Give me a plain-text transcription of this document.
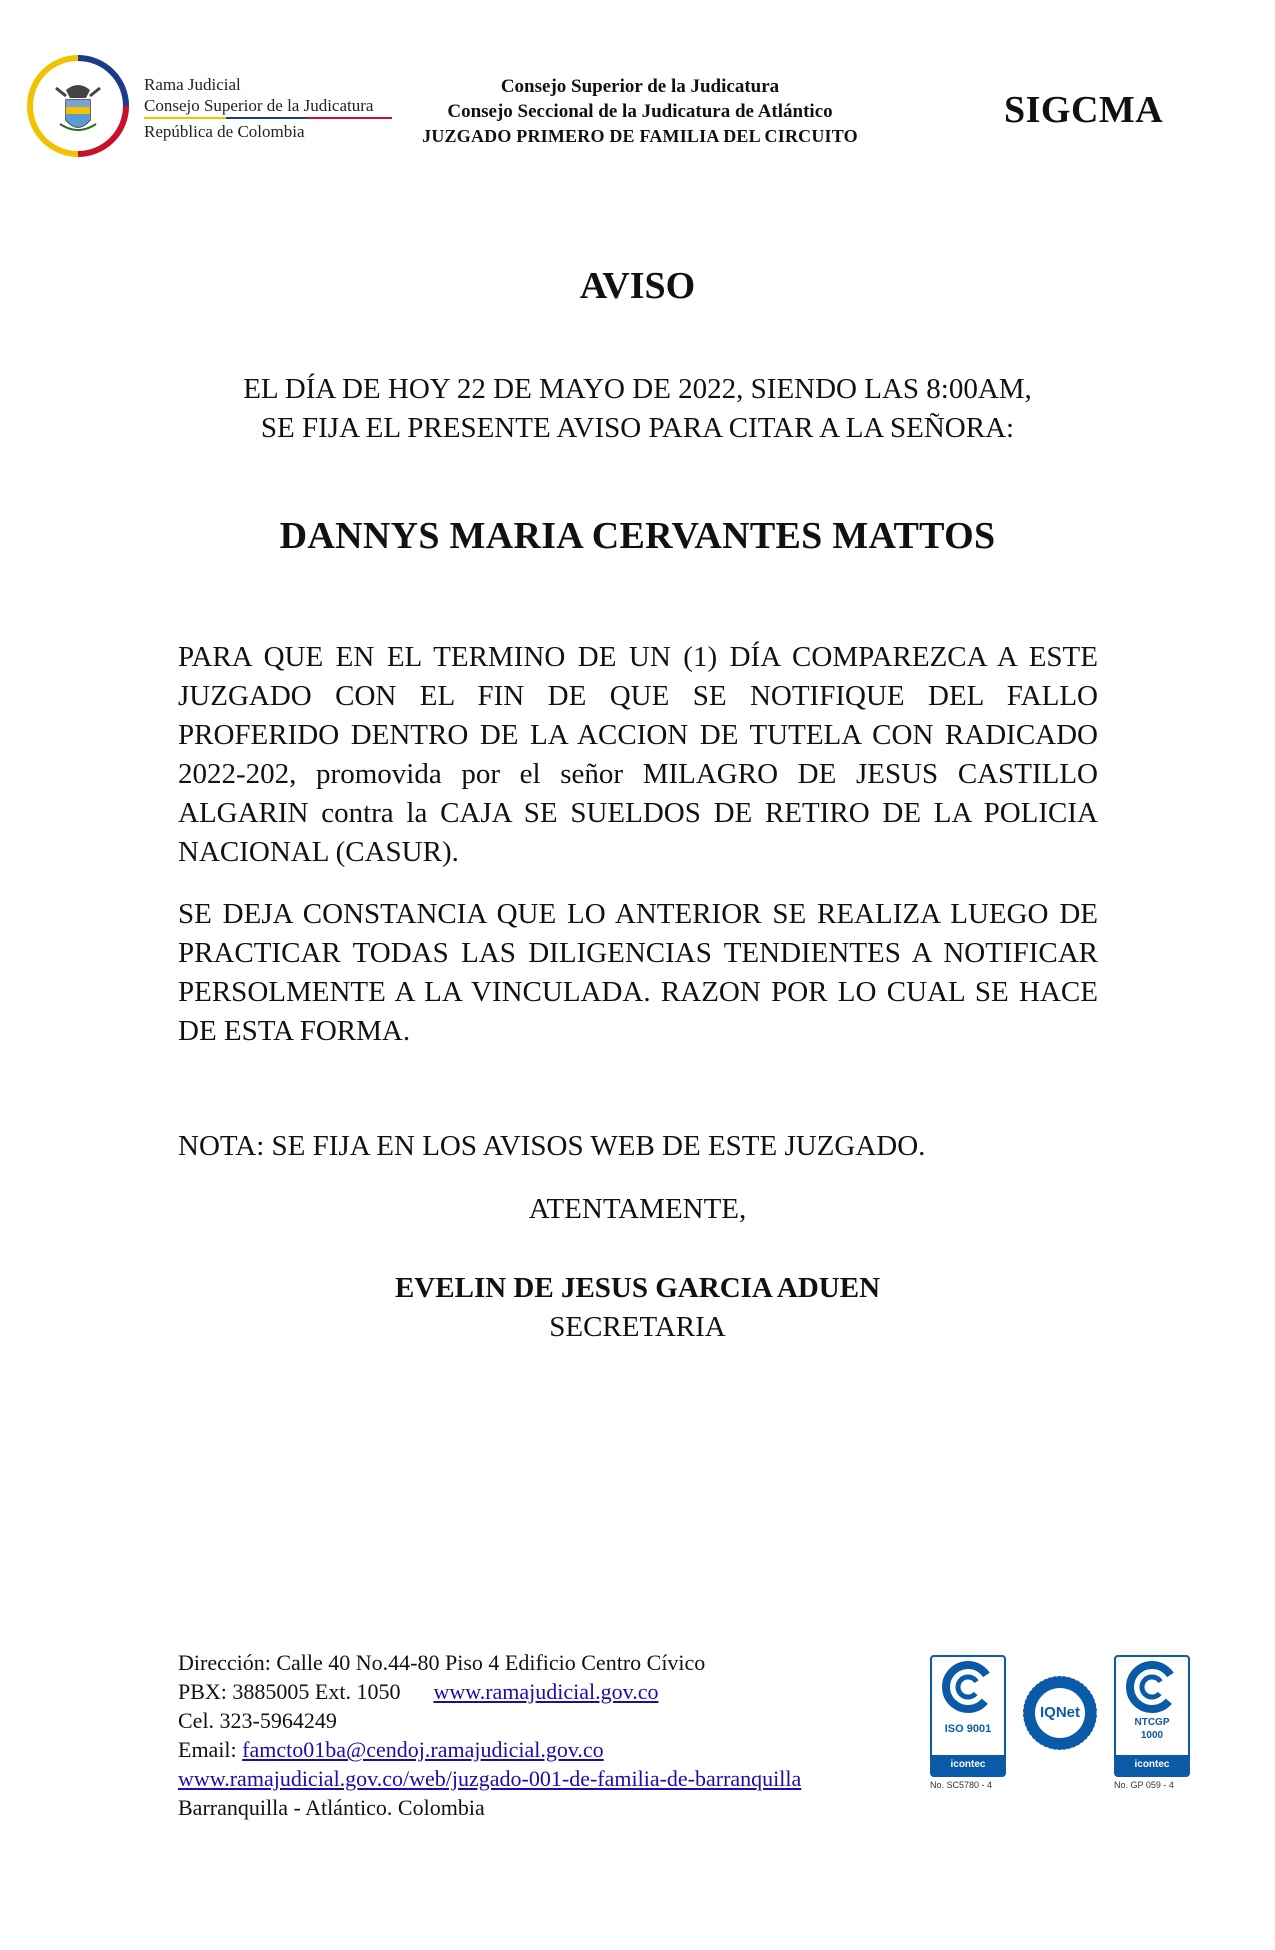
Rama Judicial
Consejo Superior de la Judicatura
República de Colombia
Consejo Superior de la Judicatura
Consejo Seccional de la Judicatura de Atlántico
JUZGADO PRIMERO DE FAMILIA DEL CIRCUITO
SIGCMA
AVISO
EL DÍA DE HOY 22 DE MAYO DE 2022, SIENDO LAS 8:00AM,
SE FIJA EL PRESENTE AVISO PARA CITAR A LA SEÑORA:
DANNYS MARIA CERVANTES MATTOS
PARA QUE EN EL TERMINO DE UN (1) DÍA COMPAREZCA A ESTE JUZGADO CON EL FIN DE QUE SE NOTIFIQUE DEL FALLO PROFERIDO DENTRO DE LA ACCION DE TUTELA CON RADICADO 2022-202, promovida por el señor MILAGRO DE JESUS CASTILLO ALGARIN contra la CAJA SE SUELDOS DE RETIRO DE LA POLICIA NACIONAL (CASUR).
SE DEJA CONSTANCIA QUE LO ANTERIOR SE REALIZA LUEGO DE PRACTICAR TODAS LAS DILIGENCIAS TENDIENTES A NOTIFICAR PERSOLMENTE A LA VINCULADA. RAZON POR LO CUAL SE HACE DE ESTA FORMA.
NOTA: SE FIJA EN LOS AVISOS WEB DE ESTE JUZGADO.
ATENTAMENTE,
EVELIN DE JESUS GARCIA ADUEN
SECRETARIA
Dirección: Calle 40 No.44-80 Piso 4 Edificio Centro Cívico
PBX: 3885005 Ext. 1050 www.ramajudicial.gov.co
Cel. 323-5964249
Email: famcto01ba@cendoj.ramajudicial.gov.co
www.ramajudicial.gov.co/web/juzgado-001-de-familia-de-barranquilla
Barranquilla - Atlántico. Colombia
ISO 9001
icontec
No. SC5780 - 4
IQNet
NTCGP
1000
icontec
No. GP 059 - 4
